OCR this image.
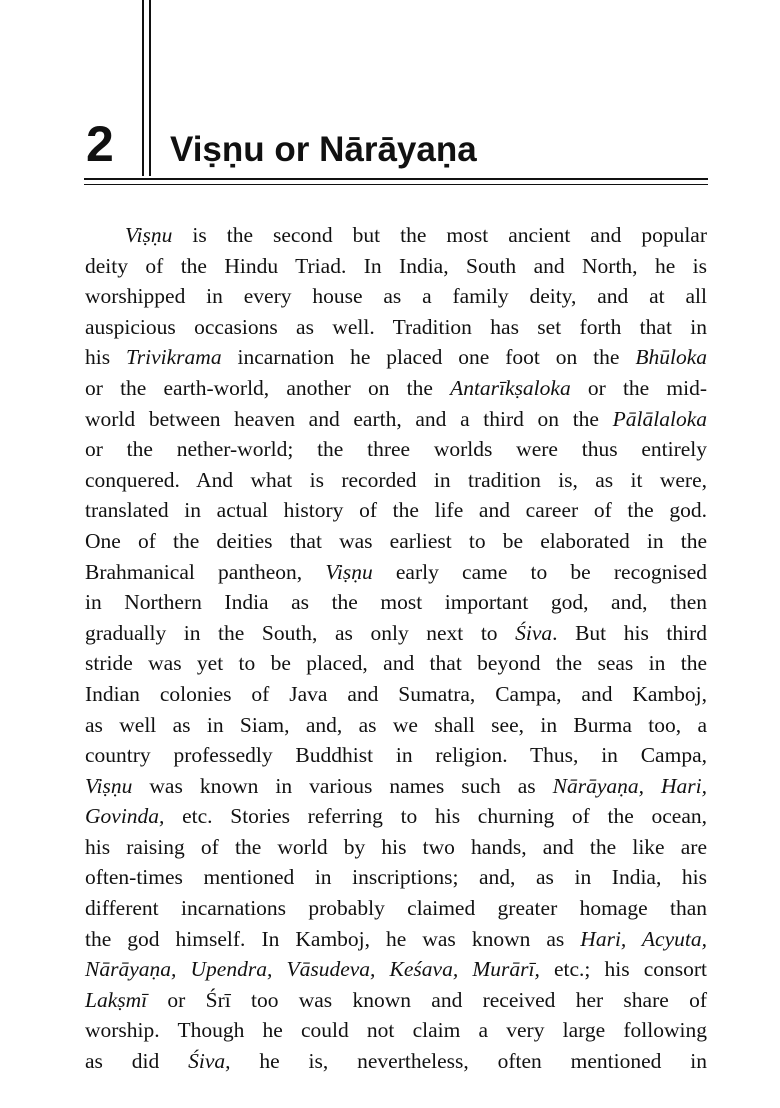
2 Viṣṇu or Nārāyaṇa
Viṣṇu is the second but the most ancient and popular
deity of the Hindu Triad. In India, South and North, he is
worshipped in every house as a family deity, and at all
auspicious occasions as well. Tradition has set forth that in
his Trivikrama incarnation he placed one foot on the Bhūloka
or the earth-world, another on the Antarīkṣaloka or the mid-
world between heaven and earth, and a third on the Pālālaloka
or the nether-world; the three worlds were thus entirely
conquered. And what is recorded in tradition is, as it were,
translated in actual history of the life and career of the god.
One of the deities that was earliest to be elaborated in the
Brahmanical pantheon, Viṣṇu early came to be recognised
in Northern India as the most important god, and, then
gradually in the South, as only next to Śiva. But his third
stride was yet to be placed, and that beyond the seas in the
Indian colonies of Java and Sumatra, Campa, and Kamboj,
as well as in Siam, and, as we shall see, in Burma too, a
country professedly Buddhist in religion. Thus, in Campa,
Viṣṇu was known in various names such as Nārāyaṇa, Hari,
Govinda, etc. Stories referring to his churning of the ocean,
his raising of the world by his two hands, and the like are
often-times mentioned in inscriptions; and, as in India, his
different incarnations probably claimed greater homage than
the god himself. In Kamboj, he was known as Hari, Acyuta,
Nārāyaṇa, Upendra, Vāsudeva, Keśava, Murārī, etc.; his consort
Lakṣmī or Śrī too was known and received her share of
worship. Though he could not claim a very large following
as did Śiva, he is, nevertheless, often mentioned in
